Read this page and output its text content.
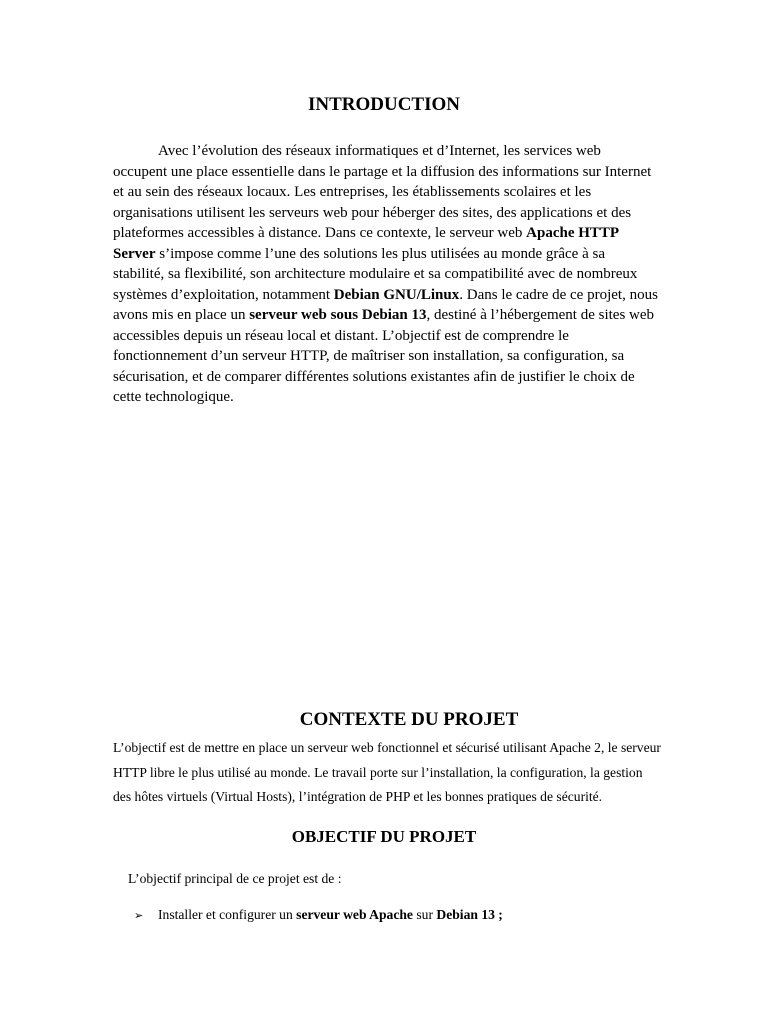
INTRODUCTION

Avec l’évolution des réseaux informatiques et d’Internet, les services web occupent une place essentielle dans le partage et la diffusion des informations sur Internet et au sein des réseaux locaux. Les entreprises, les établissements scolaires et les organisations utilisent les serveurs web pour héberger des sites, des applications et des plateformes accessibles à distance. Dans ce contexte, le serveur web Apache HTTP Server s’impose comme l’une des solutions les plus utilisées au monde grâce à sa stabilité, sa flexibilité, son architecture modulaire et sa compatibilité avec de nombreux systèmes d’exploitation, notamment Debian GNU/Linux. Dans le cadre de ce projet, nous avons mis en place un serveur web sous Debian 13, destiné à l’hébergement de sites web accessibles depuis un réseau local et distant. L’objectif est de comprendre le fonctionnement d’un serveur HTTP, de maîtriser son installation, sa configuration, sa sécurisation, et de comparer différentes solutions existantes afin de justifier le choix de cette technologique.

CONTEXTE DU PROJET

L’objectif est de mettre en place un serveur web fonctionnel et sécurisé utilisant Apache 2, le serveur HTTP libre le plus utilisé au monde. Le travail porte sur l’installation, la configuration, la gestion des hôtes virtuels (Virtual Hosts), l’intégration de PHP et les bonnes pratiques de sécurité.

OBJECTIF DU PROJET

L’objectif principal de ce projet est de :

➢	Installer et configurer un serveur web Apache sur Debian 13 ;
